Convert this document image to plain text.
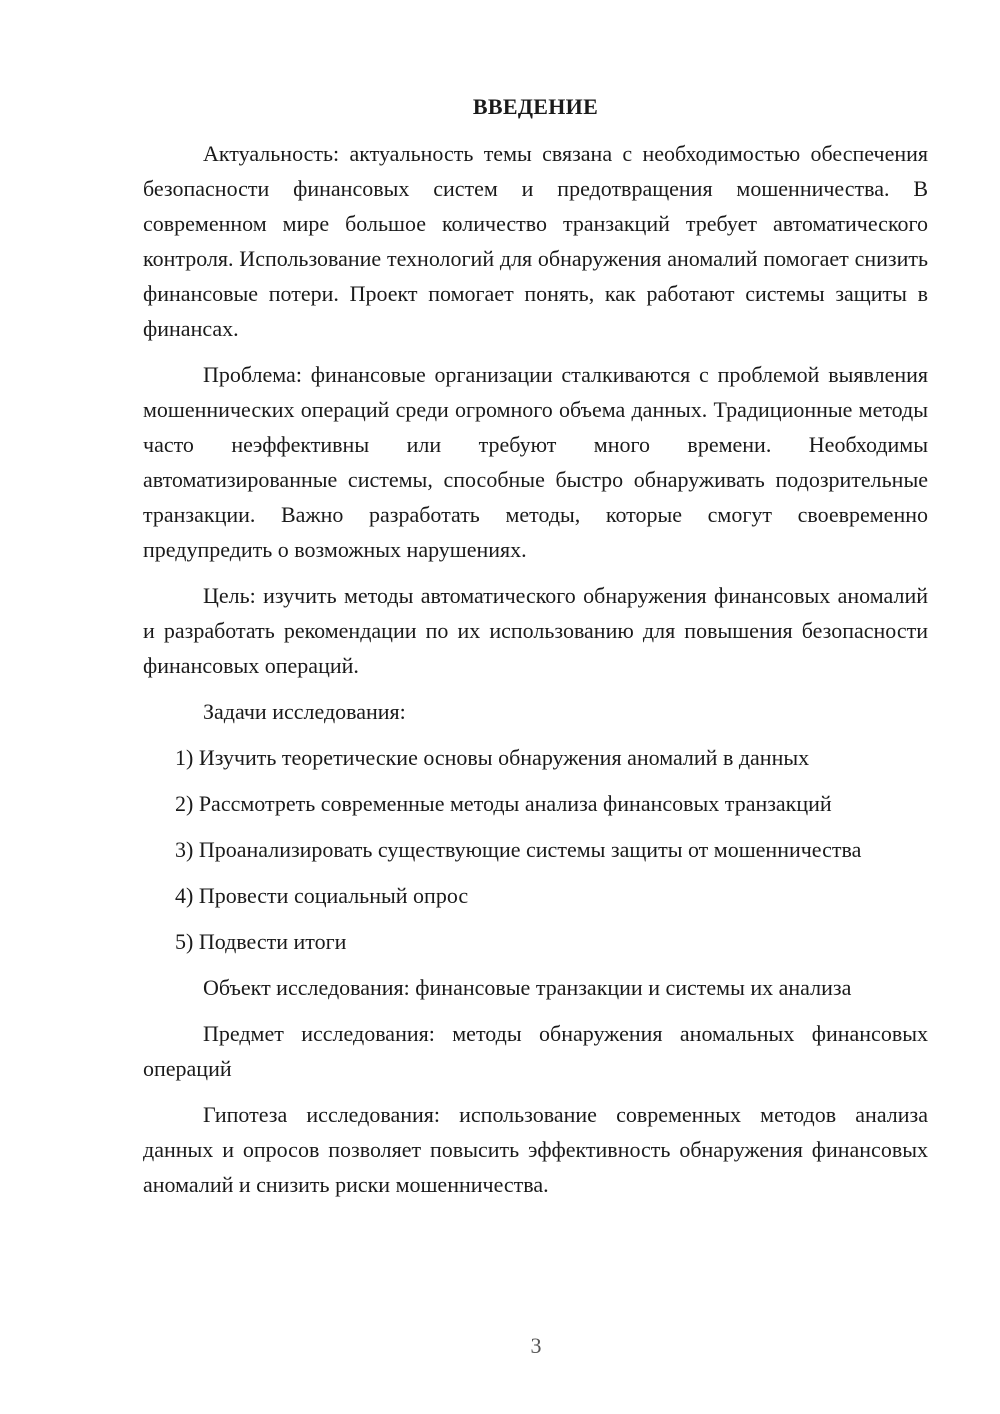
ВВЕДЕНИЕ

Актуальность: актуальность темы связана с необходимостью обеспечения безопасности финансовых систем и предотвращения мошенничества. В современном мире большое количество транзакций требует автоматического контроля. Использование технологий для обнаружения аномалий помогает снизить финансовые потери. Проект помогает понять, как работают системы защиты в финансах.

Проблема: финансовые организации сталкиваются с проблемой выявления мошеннических операций среди огромного объема данных. Традиционные методы часто неэффективны или требуют много времени. Необходимы автоматизированные системы, способные быстро обнаруживать подозрительные транзакции. Важно разработать методы, которые смогут своевременно предупредить о возможных нарушениях.

Цель: изучить методы автоматического обнаружения финансовых аномалий и разработать рекомендации по их использованию для повышения безопасности финансовых операций.

Задачи исследования:

1) Изучить теоретические основы обнаружения аномалий в данных

2) Рассмотреть современные методы анализа финансовых транзакций

3) Проанализировать существующие системы защиты от мошенничества

4) Провести социальный опрос

5) Подвести итоги

Объект исследования: финансовые транзакции и системы их анализа

Предмет исследования: методы обнаружения аномальных финансовых операций

Гипотеза исследования: использование современных методов анализа данных и опросов позволяет повысить эффективность обнаружения финансовых аномалий и снизить риски мошенничества.

3
